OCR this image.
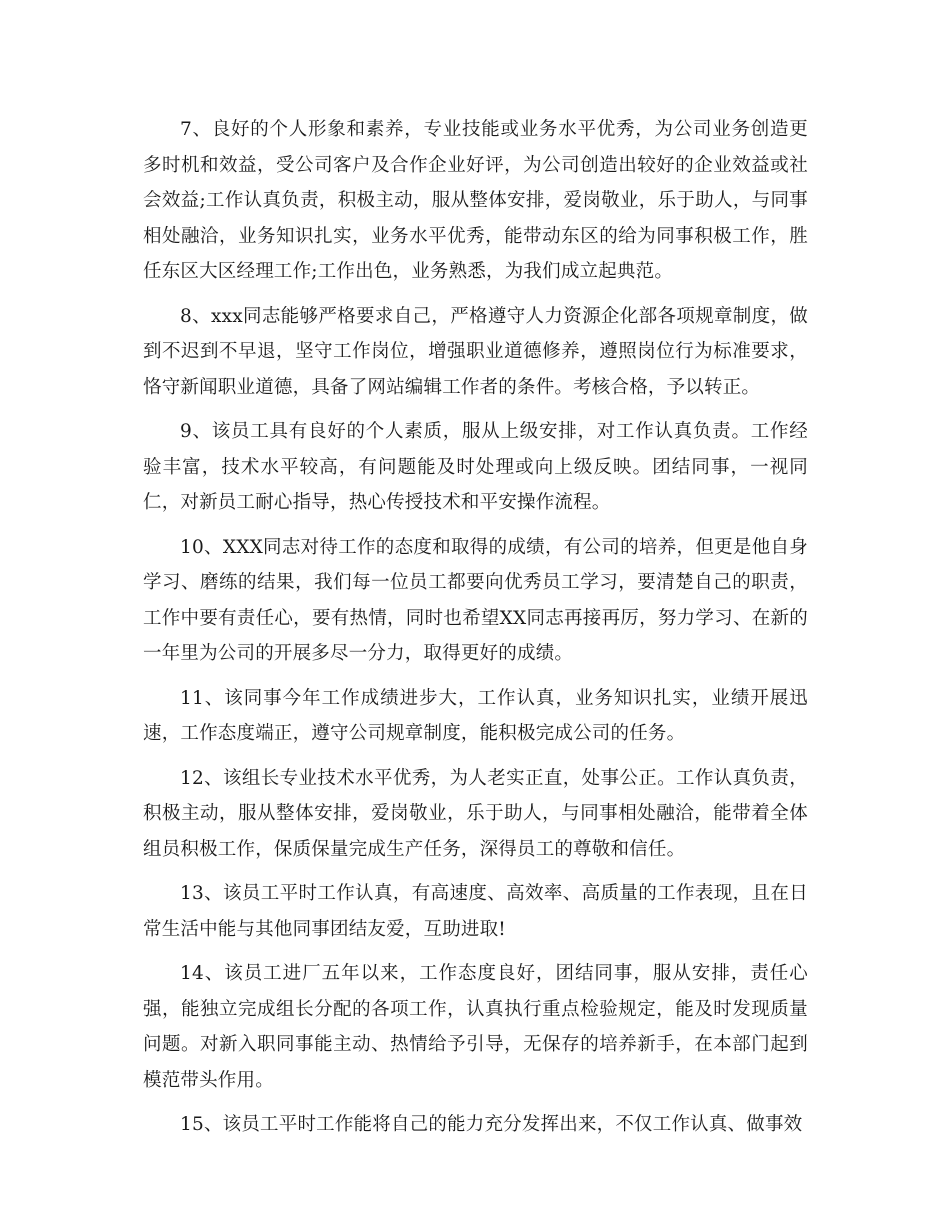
7、良好的个人形象和素养，专业技能或业务水平优秀，为公司业务创造更多时机和效益，受公司客户及合作企业好评，为公司创造出较好的企业效益或社会效益;工作认真负责，积极主动，服从整体安排，爱岗敬业，乐于助人，与同事相处融洽，业务知识扎实，业务水平优秀，能带动东区的给为同事积极工作，胜任东区大区经理工作;工作出色，业务熟悉，为我们成立起典范。

8、xxx同志能够严格要求自己，严格遵守人力资源企化部各项规章制度，做到不迟到不早退，坚守工作岗位，增强职业道德修养，遵照岗位行为标准要求，恪守新闻职业道德，具备了网站编辑工作者的条件。考核合格，予以转正。

9、该员工具有良好的个人素质，服从上级安排，对工作认真负责。工作经验丰富，技术水平较高，有问题能及时处理或向上级反映。团结同事，一视同仁，对新员工耐心指导，热心传授技术和平安操作流程。

10、XXX同志对待工作的态度和取得的成绩，有公司的培养，但更是他自身学习、磨练的结果，我们每一位员工都要向优秀员工学习，要清楚自己的职责，工作中要有责任心，要有热情，同时也希望XX同志再接再厉，努力学习、在新的一年里为公司的开展多尽一分力，取得更好的成绩。

11、该同事今年工作成绩进步大，工作认真，业务知识扎实，业绩开展迅速，工作态度端正，遵守公司规章制度，能积极完成公司的任务。

12、该组长专业技术水平优秀，为人老实正直，处事公正。工作认真负责，积极主动，服从整体安排，爱岗敬业，乐于助人，与同事相处融洽，能带着全体组员积极工作，保质保量完成生产任务，深得员工的尊敬和信任。

13、该员工平时工作认真，有高速度、高效率、高质量的工作表现，且在日常生活中能与其他同事团结友爱，互助进取!

14、该员工进厂五年以来，工作态度良好，团结同事，服从安排，责任心强，能独立完成组长分配的各项工作，认真执行重点检验规定，能及时发现质量问题。对新入职同事能主动、热情给予引导，无保存的培养新手，在本部门起到模范带头作用。

15、该员工平时工作能将自己的能力充分发挥出来，不仅工作认真、做事效
